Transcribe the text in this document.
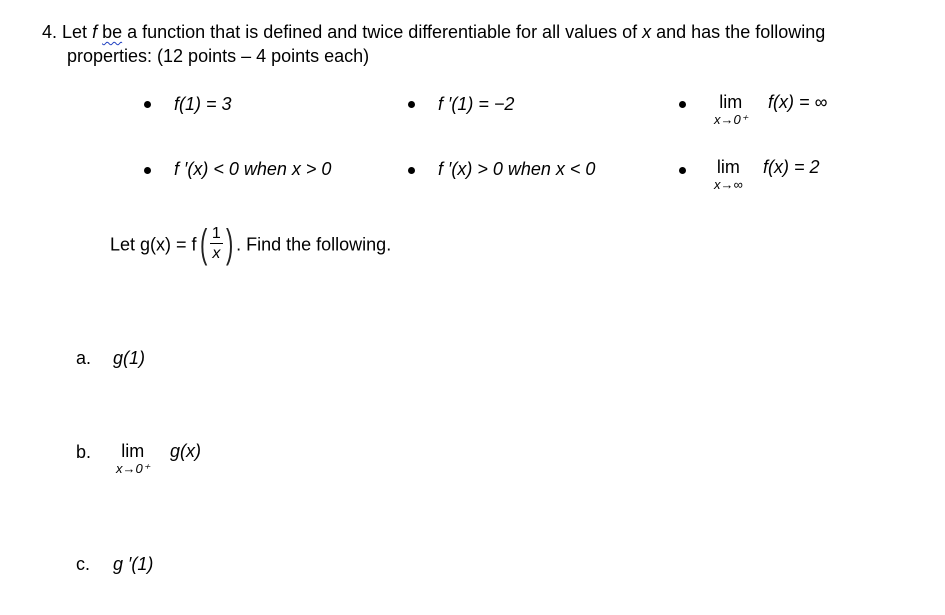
4. Let f be a function that is defined and twice differentiable for all values of x and has the following
properties: (12 points – 4 points each)
f(1) = 3	f ′(1) = −2	lim
x→0⁺
f(x) = ∞
f ′(x) < 0 when x > 0	f ′(x) > 0 when x < 0	lim
x→∞
f(x) = 2
Let $g(x) = f( \frac{1}{x}$ ) . Find the following.
a. g(1)
b. lim
x→0⁺
g(x)
c. g ′(1)
